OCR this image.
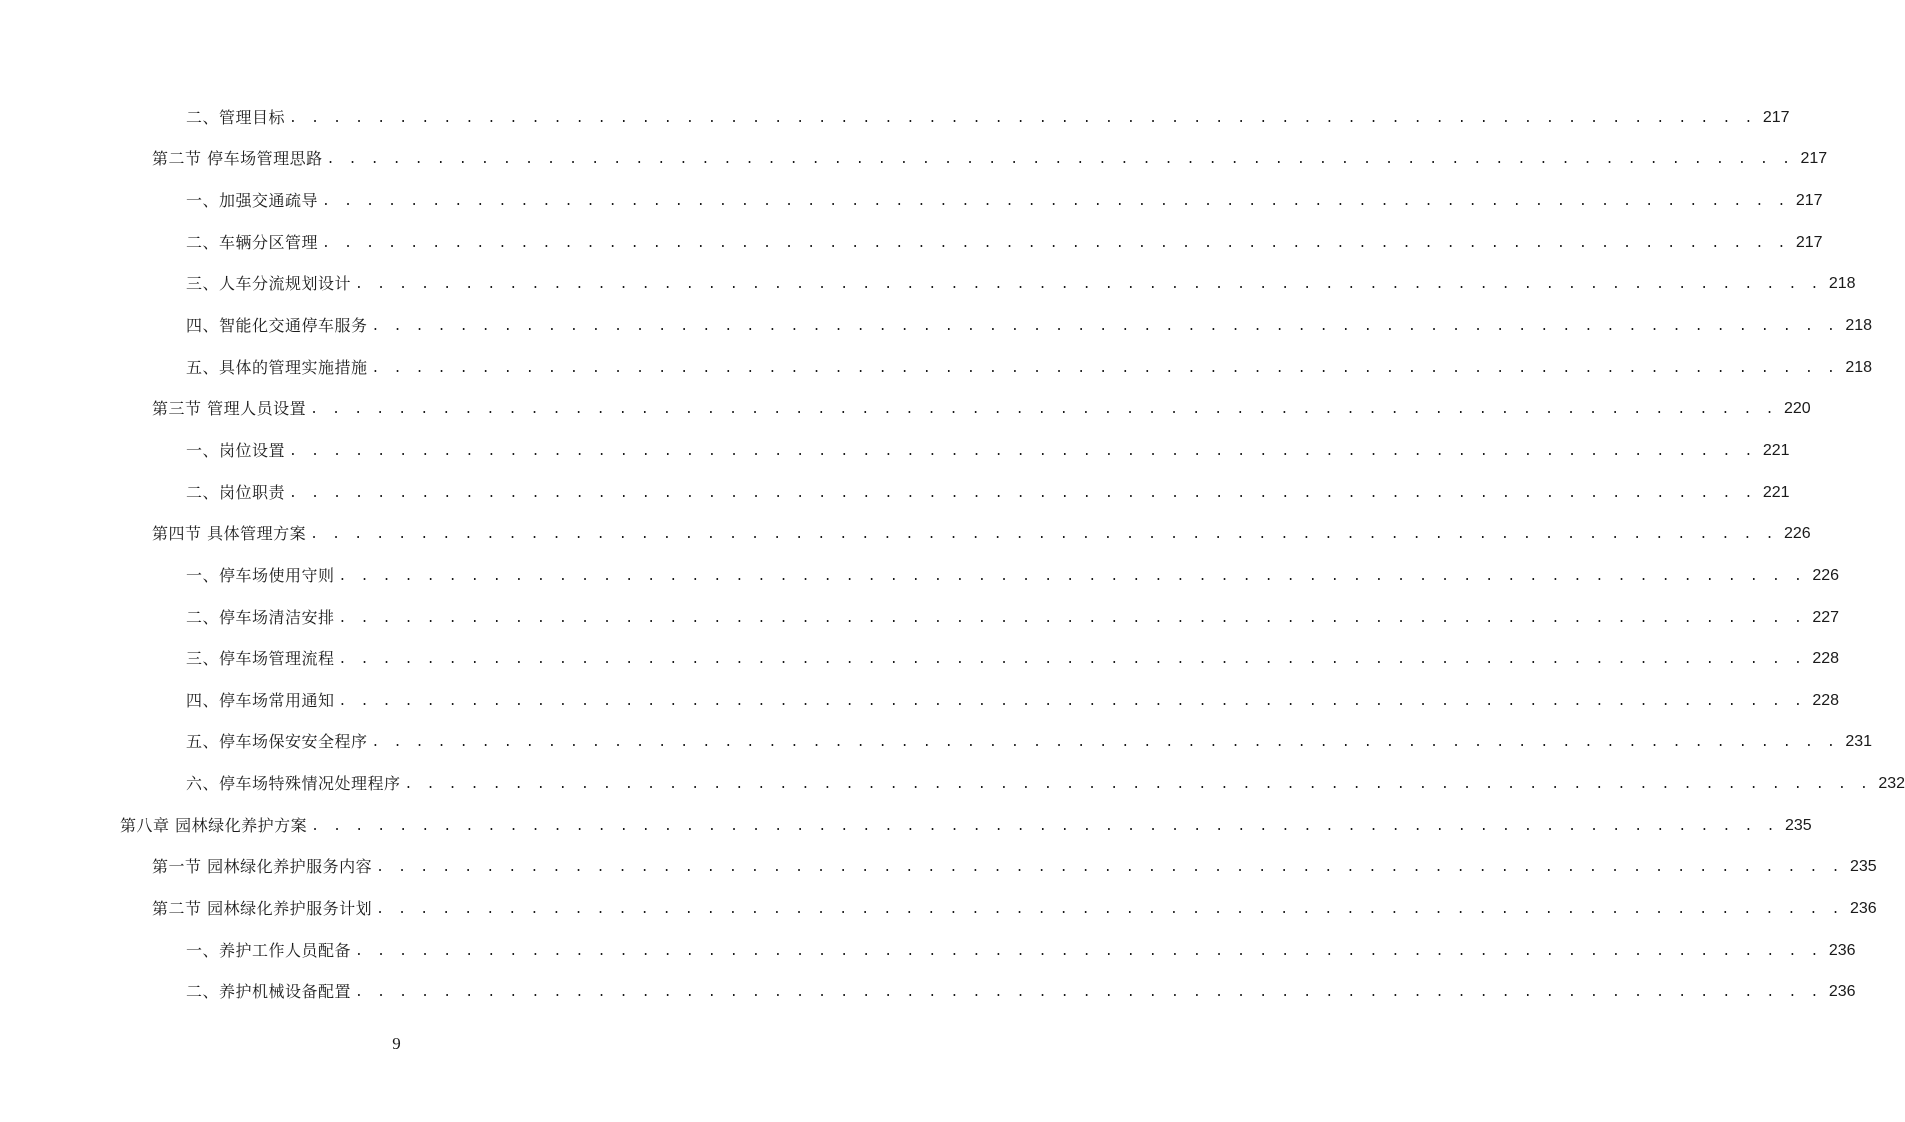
二、管理目标 . . . . . . . . . . . . . . . . . . . . . . . . . . . . . . . . . . . . . . . . . . . . . . . . . . . . . . . . . . . . . . . . . . . 217
第二节 停车场管理思路 . . . . . . . . . . . . . . . . . . . . . . . . . . . . . . . . . . . . . . . . . . . . . . . . . . . . . . . . . . . . . . . . . . . 217
一、加强交通疏导 . . . . . . . . . . . . . . . . . . . . . . . . . . . . . . . . . . . . . . . . . . . . . . . . . . . . . . . . . . . . . . . . . . . 217
二、车辆分区管理 . . . . . . . . . . . . . . . . . . . . . . . . . . . . . . . . . . . . . . . . . . . . . . . . . . . . . . . . . . . . . . . . . . . 217
三、人车分流规划设计 . . . . . . . . . . . . . . . . . . . . . . . . . . . . . . . . . . . . . . . . . . . . . . . . . . . . . . . . . . . . . . . . . . . 218
四、智能化交通停车服务 . . . . . . . . . . . . . . . . . . . . . . . . . . . . . . . . . . . . . . . . . . . . . . . . . . . . . . . . . . . . . . . . . . . 218
五、具体的管理实施措施 . . . . . . . . . . . . . . . . . . . . . . . . . . . . . . . . . . . . . . . . . . . . . . . . . . . . . . . . . . . . . . . . . . . 218
第三节 管理人员设置 . . . . . . . . . . . . . . . . . . . . . . . . . . . . . . . . . . . . . . . . . . . . . . . . . . . . . . . . . . . . . . . . . . . 220
一、岗位设置 . . . . . . . . . . . . . . . . . . . . . . . . . . . . . . . . . . . . . . . . . . . . . . . . . . . . . . . . . . . . . . . . . . . 221
二、岗位职责 . . . . . . . . . . . . . . . . . . . . . . . . . . . . . . . . . . . . . . . . . . . . . . . . . . . . . . . . . . . . . . . . . . . 221
第四节 具体管理方案 . . . . . . . . . . . . . . . . . . . . . . . . . . . . . . . . . . . . . . . . . . . . . . . . . . . . . . . . . . . . . . . . . . . 226
一、停车场使用守则 . . . . . . . . . . . . . . . . . . . . . . . . . . . . . . . . . . . . . . . . . . . . . . . . . . . . . . . . . . . . . . . . . . . 226
二、停车场清洁安排 . . . . . . . . . . . . . . . . . . . . . . . . . . . . . . . . . . . . . . . . . . . . . . . . . . . . . . . . . . . . . . . . . . . 227
三、停车场管理流程 . . . . . . . . . . . . . . . . . . . . . . . . . . . . . . . . . . . . . . . . . . . . . . . . . . . . . . . . . . . . . . . . . . . 228
四、停车场常用通知 . . . . . . . . . . . . . . . . . . . . . . . . . . . . . . . . . . . . . . . . . . . . . . . . . . . . . . . . . . . . . . . . . . . 228
五、停车场保安安全程序 . . . . . . . . . . . . . . . . . . . . . . . . . . . . . . . . . . . . . . . . . . . . . . . . . . . . . . . . . . . . . . . . . . . 231
六、停车场特殊情况处理程序 . . . . . . . . . . . . . . . . . . . . . . . . . . . . . . . . . . . . . . . . . . . . . . . . . . . . . . . . . . . . . . . . . . . 232
第八章 园林绿化养护方案 . . . . . . . . . . . . . . . . . . . . . . . . . . . . . . . . . . . . . . . . . . . . . . . . . . . . . . . . . . . . . . . . . . . 235
第一节 园林绿化养护服务内容 . . . . . . . . . . . . . . . . . . . . . . . . . . . . . . . . . . . . . . . . . . . . . . . . . . . . . . . . . . . . . . . . . . . 235
第二节 园林绿化养护服务计划 . . . . . . . . . . . . . . . . . . . . . . . . . . . . . . . . . . . . . . . . . . . . . . . . . . . . . . . . . . . . . . . . . . . 236
一、养护工作人员配备 . . . . . . . . . . . . . . . . . . . . . . . . . . . . . . . . . . . . . . . . . . . . . . . . . . . . . . . . . . . . . . . . . . . 236
二、养护机械设备配置 . . . . . . . . . . . . . . . . . . . . . . . . . . . . . . . . . . . . . . . . . . . . . . . . . . . . . . . . . . . . . . . . . . . 236
9
